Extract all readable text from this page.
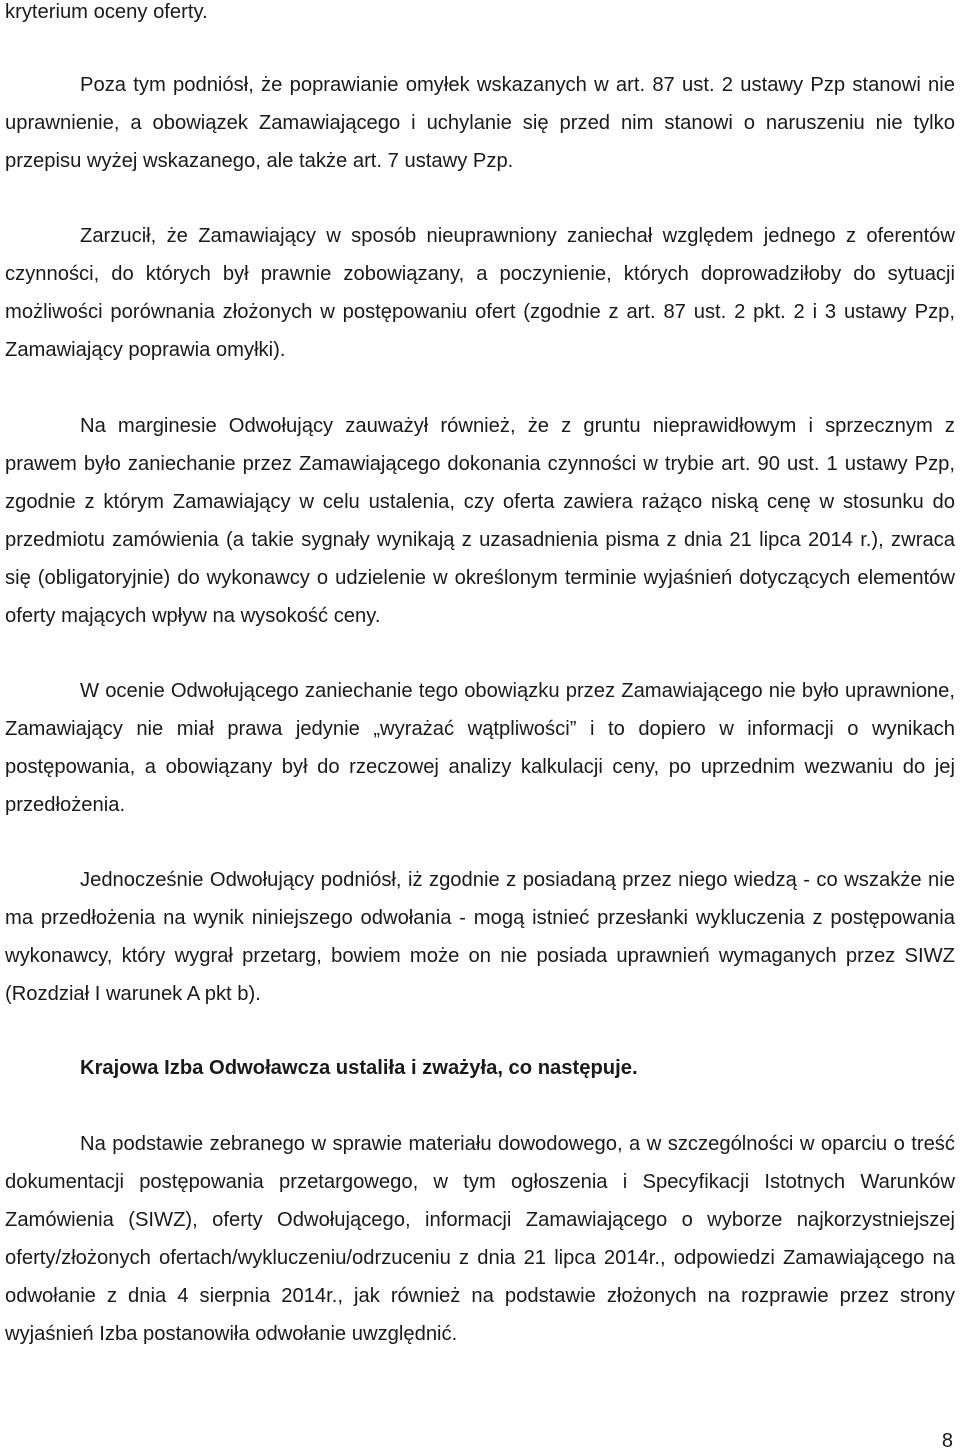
kryterium oceny oferty.

Poza tym podniósł, że poprawianie omyłek wskazanych w art. 87 ust. 2 ustawy Pzp stanowi nie uprawnienie, a obowiązek Zamawiającego i uchylanie się przed nim stanowi o naruszeniu nie tylko przepisu wyżej wskazanego, ale także art. 7 ustawy Pzp.

Zarzucił, że Zamawiający w sposób nieuprawniony zaniechał względem jednego z oferentów czynności, do których był prawnie zobowiązany, a poczynienie, których doprowadziłoby do sytuacji możliwości porównania złożonych w postępowaniu ofert (zgodnie z art. 87 ust. 2 pkt. 2 i 3 ustawy Pzp, Zamawiający poprawia omyłki).

Na marginesie Odwołujący zauważył również, że z gruntu nieprawidłowym i sprzecznym z prawem było zaniechanie przez Zamawiającego dokonania czynności w trybie art. 90 ust. 1 ustawy Pzp, zgodnie z którym Zamawiający w celu ustalenia, czy oferta zawiera rażąco niską cenę w stosunku do przedmiotu zamówienia (a takie sygnały wynikają z uzasadnienia pisma z dnia 21 lipca 2014 r.), zwraca się (obligatoryjnie) do wykonawcy o udzielenie w określonym terminie wyjaśnień dotyczących elementów oferty mających wpływ na wysokość ceny.

W ocenie Odwołującego zaniechanie tego obowiązku przez Zamawiającego nie było uprawnione, Zamawiający nie miał prawa jedynie „wyrażać wątpliwości” i to dopiero w informacji o wynikach postępowania, a obowiązany był do rzeczowej analizy kalkulacji ceny, po uprzednim wezwaniu do jej przedłożenia.

Jednocześnie Odwołujący podniósł, iż zgodnie z posiadaną przez niego wiedzą - co wszakże nie ma przedłożenia na wynik niniejszego odwołania - mogą istnieć przesłanki wykluczenia z postępowania wykonawcy, który wygrał przetarg, bowiem może on nie posiada uprawnień wymaganych przez SIWZ (Rozdział I warunek A pkt b).

Krajowa Izba Odwoławcza ustaliła i zważyła, co następuje.

Na podstawie zebranego w sprawie materiału dowodowego, a w szczególności w oparciu o treść dokumentacji postępowania przetargowego, w tym ogłoszenia i Specyfikacji Istotnych Warunków Zamówienia (SIWZ), oferty Odwołującego, informacji Zamawiającego o wyborze najkorzystniejszej oferty/złożonych ofertach/wykluczeniu/odrzuceniu z dnia 21 lipca 2014r., odpowiedzi Zamawiającego na odwołanie z dnia 4 sierpnia 2014r., jak również na podstawie złożonych na rozprawie przez strony wyjaśnień Izba postanowiła odwołanie uwzględnić.

8
